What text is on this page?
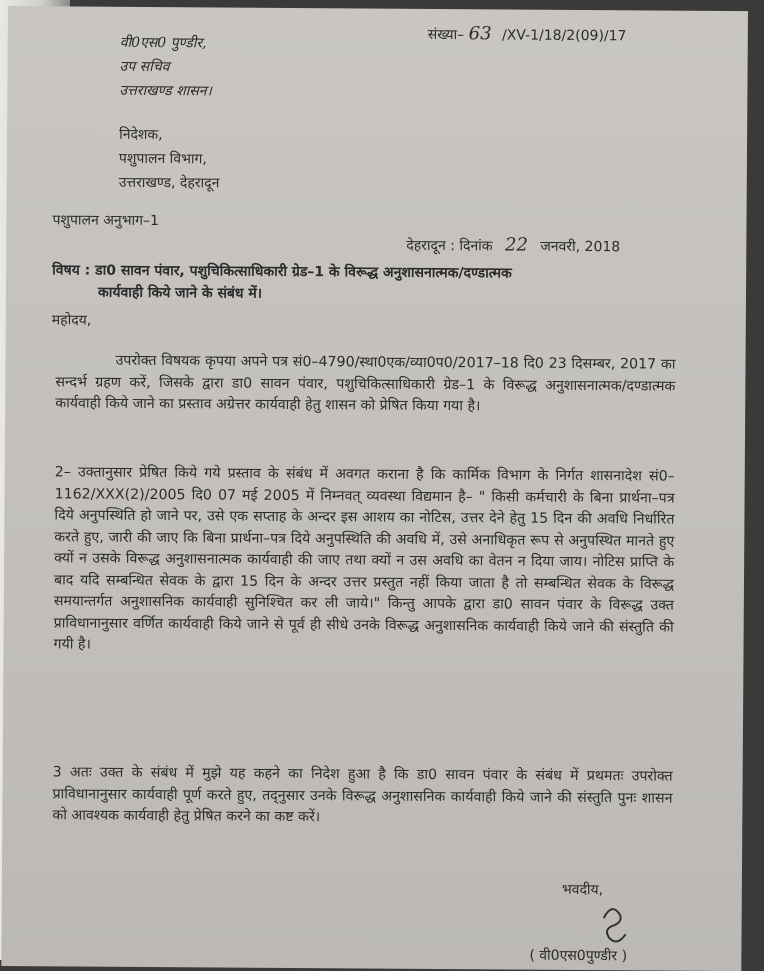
संख्या– 63 /XV-1/18/2(09)/17
वी0एस0 पुण्डीर,
उप सचिव
उत्तराखण्ड शासन।
निदेशक,
पशुपालन विभाग,
उत्तराखण्ड, देहरादून
पशुपालन अनुभाग–1
देहरादून : दिनांक 22 जनवरी, 2018
विषय : डा0 सावन पंवार, पशुचिकित्साधिकारी ग्रेड–1 के विरूद्ध अनुशासनात्मक/दण्डात्मक
कार्यवाही किये जाने के संबंध में।
महोदय,
उपरोक्त विषयक कृपया अपने पत्र सं0–4790/स्था0एक/व्या0प0/2017–18 दि0 23 दिसम्बर, 2017 का सन्दर्भ ग्रहण करें, जिसके द्वारा डा0 सावन पंवार, पशुचिकित्साधिकारी ग्रेड–1 के विरूद्ध अनुशासनात्मक/दण्डात्मक कार्यवाही किये जाने का प्रस्ताव अग्रेत्तर कार्यवाही हेतु शासन को प्रेषित किया गया है।
2– उक्तानुसार प्रेषित किये गये प्रस्ताव के संबंध में अवगत कराना है कि कार्मिक विभाग के निर्गत शासनादेश सं0–1162/XXX(2)/2005 दि0 07 मई 2005 में निम्नवत् व्यवस्था विद्यमान है– " किसी कर्मचारी के बिना प्रार्थना–पत्र दिये अनुपस्थिति हो जाने पर, उसे एक सप्ताह के अन्दर इस आशय का नोटिस, उत्तर देने हेतु 15 दिन की अवधि निर्धारित करते हुए, जारी की जाए कि बिना प्रार्थना–पत्र दिये अनुपस्थिति की अवधि में, उसे अनाधिकृत रूप से अनुपस्थित मानते हुए क्यों न उसके विरूद्ध अनुशासनात्मक कार्यवाही की जाए तथा क्यों न उस अवधि का वेतन न दिया जाय। नोटिस प्राप्ति के बाद यदि सम्बन्धित सेवक के द्वारा 15 दिन के अन्दर उत्तर प्रस्तुत नहीं किया जाता है तो सम्बन्धित सेवक के विरूद्ध समयान्तर्गत अनुशासनिक कार्यवाही सुनिश्चित कर ली जाये।" किन्तु आपके द्वारा डा0 सावन पंवार के विरूद्ध उक्त प्राविधानानुसार वर्णित कार्यवाही किये जाने से पूर्व ही सीधे उनके विरूद्ध अनुशासनिक कार्यवाही किये जाने की संस्तुति की गयी है।
3 अतः उक्त के संबंध में मुझे यह कहने का निदेश हुआ है कि डा0 सावन पंवार के संबंध में प्रथमतः उपरोक्त प्राविधानानुसार कार्यवाही पूर्ण करते हुए, तद्नुसार उनके विरूद्ध अनुशासनिक कार्यवाही किये जाने की संस्तुति पुनः शासन को आवश्यक कार्यवाही हेतु प्रेषित करने का कष्ट करें।
भवदीय,
( वी0एस0पुण्डीर )
